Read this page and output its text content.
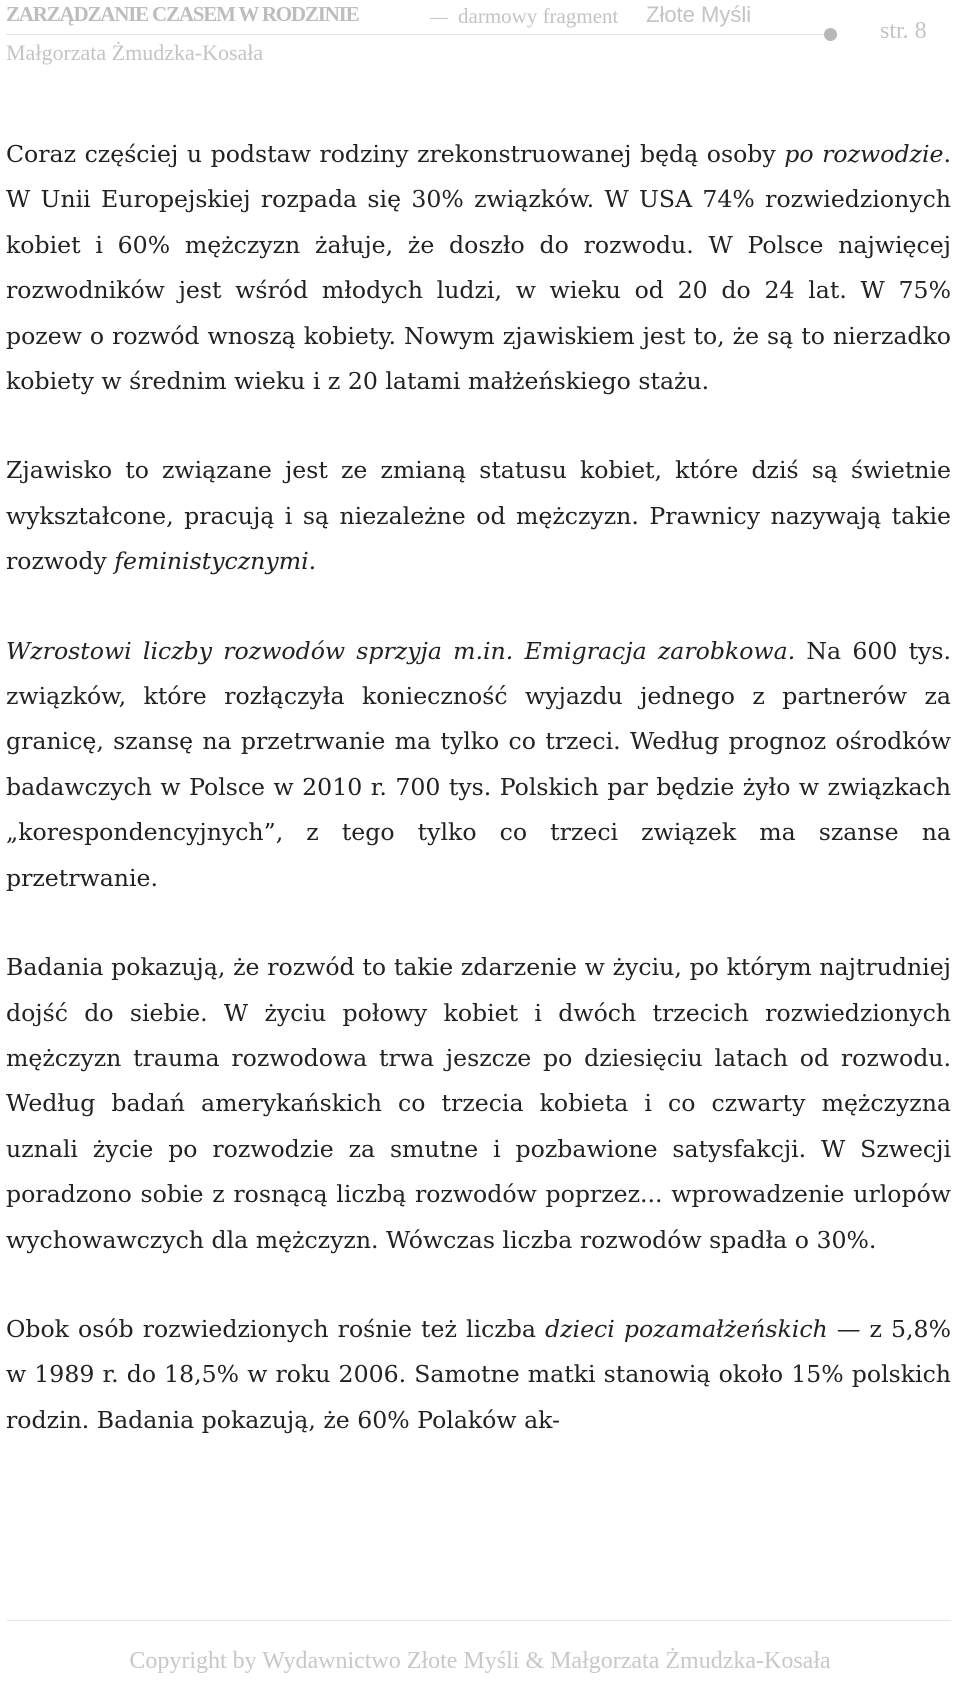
ZARZĄDZANIE CZASEM W RODZINIE	darmowy fragment Złote Myśli
Małgorzata Żmudzka-Kosała
str. 8

Coraz częściej u podstaw rodziny zrekonstruowanej będą osoby po rozwodzie. W Unii Europejskiej rozpada się 30% związków. W USA 74% rozwiedzionych kobiet i 60% mężczyzn żałuje, że doszło do rozwodu. W Polsce najwięcej rozwodników jest wśród młodych ludzi, w wieku od 20 do 24 lat. W 75% pozew o rozwód wnoszą kobiety. Nowym zjawiskiem jest to, że są to nierzadko kobiety w średnim wieku i z 20 latami małżeńskiego stażu.

Zjawisko to związane jest ze zmianą statusu kobiet, które dziś są świetnie wykształcone, pracują i są niezależne od mężczyzn. Prawnicy nazywają takie rozwody feministycznymi.

Wzrostowi liczby rozwodów sprzyja m.in. Emigracja zarobkowa. Na 600 tys. związków, które rozłączyła konieczność wyjazdu jednego z partnerów za granicę, szansę na przetrwanie ma tylko co trzeci. Według prognoz ośrodków badawczych w Polsce w 2010 r. 700 tys. Polskich par będzie żyło w związkach „korespondencyjnych”, z tego tylko co trzeci związek ma szanse na przetrwanie.

Badania pokazują, że rozwód to takie zdarzenie w życiu, po którym najtrudniej dojść do siebie. W życiu połowy kobiet i dwóch trzecich rozwiedzionych mężczyzn trauma rozwodowa trwa jeszcze po dziesięciu latach od rozwodu. Według badań amerykańskich co trzecia kobieta i co czwarty mężczyzna uznali życie po rozwodzie za smutne i pozbawione satysfakcji. W Szwecji poradzono sobie z rosnącą liczbą rozwodów poprzez... wprowadzenie urlopów wychowawczych dla mężczyzn. Wówczas liczba rozwodów spadła o 30%.

Obok osób rozwiedzionych rośnie też liczba dzieci pozamałżeńskich — z 5,8% w 1989 r. do 18,5% w roku 2006. Samotne matki stanowią około 15% polskich rodzin. Badania pokazują, że 60% Polaków ak-

Copyright by Wydawnictwo Złote Myśli & Małgorzata Żmudzka-Kosała
